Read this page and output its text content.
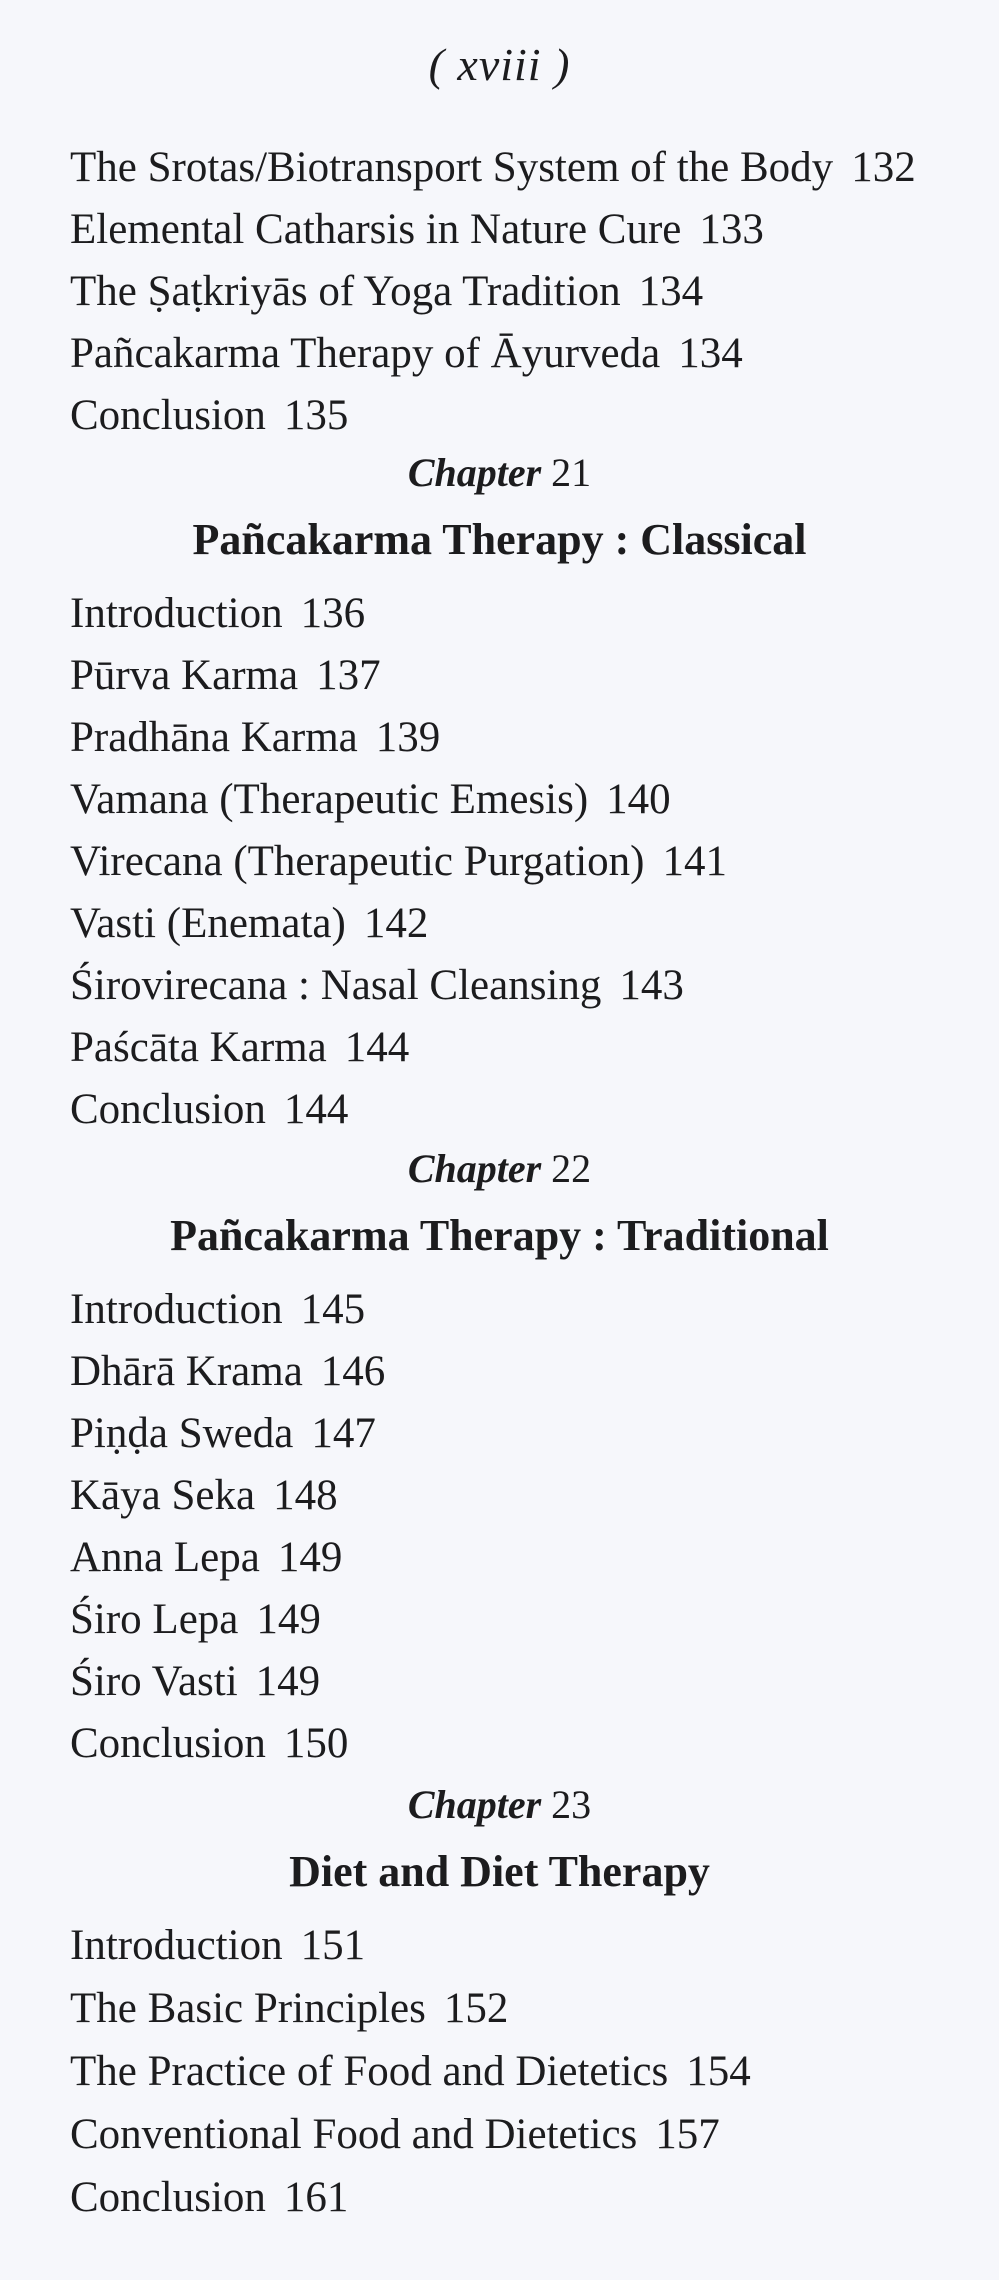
( xviii )
The Srotas/Biotransport System of the Body 132
Elemental Catharsis in Nature Cure 133
The Ṣaṭkriyās of Yoga Tradition 134
Pañcakarma Therapy of Āyurveda 134
Conclusion 135
Chapter 21
Pañcakarma Therapy : Classical
Introduction 136
Pūrva Karma 137
Pradhāna Karma 139
Vamana (Therapeutic Emesis) 140
Virecana (Therapeutic Purgation) 141
Vasti (Enemata) 142
Śirovirecana : Nasal Cleansing 143
Paścāta Karma 144
Conclusion 144
Chapter 22
Pañcakarma Therapy : Traditional
Introduction 145
Dhārā Krama 146
Piṇḍa Sweda 147
Kāya Seka 148
Anna Lepa 149
Śiro Lepa 149
Śiro Vasti 149
Conclusion 150
Chapter 23
Diet and Diet Therapy
Introduction 151
The Basic Principles 152
The Practice of Food and Dietetics 154
Conventional Food and Dietetics 157
Conclusion 161
